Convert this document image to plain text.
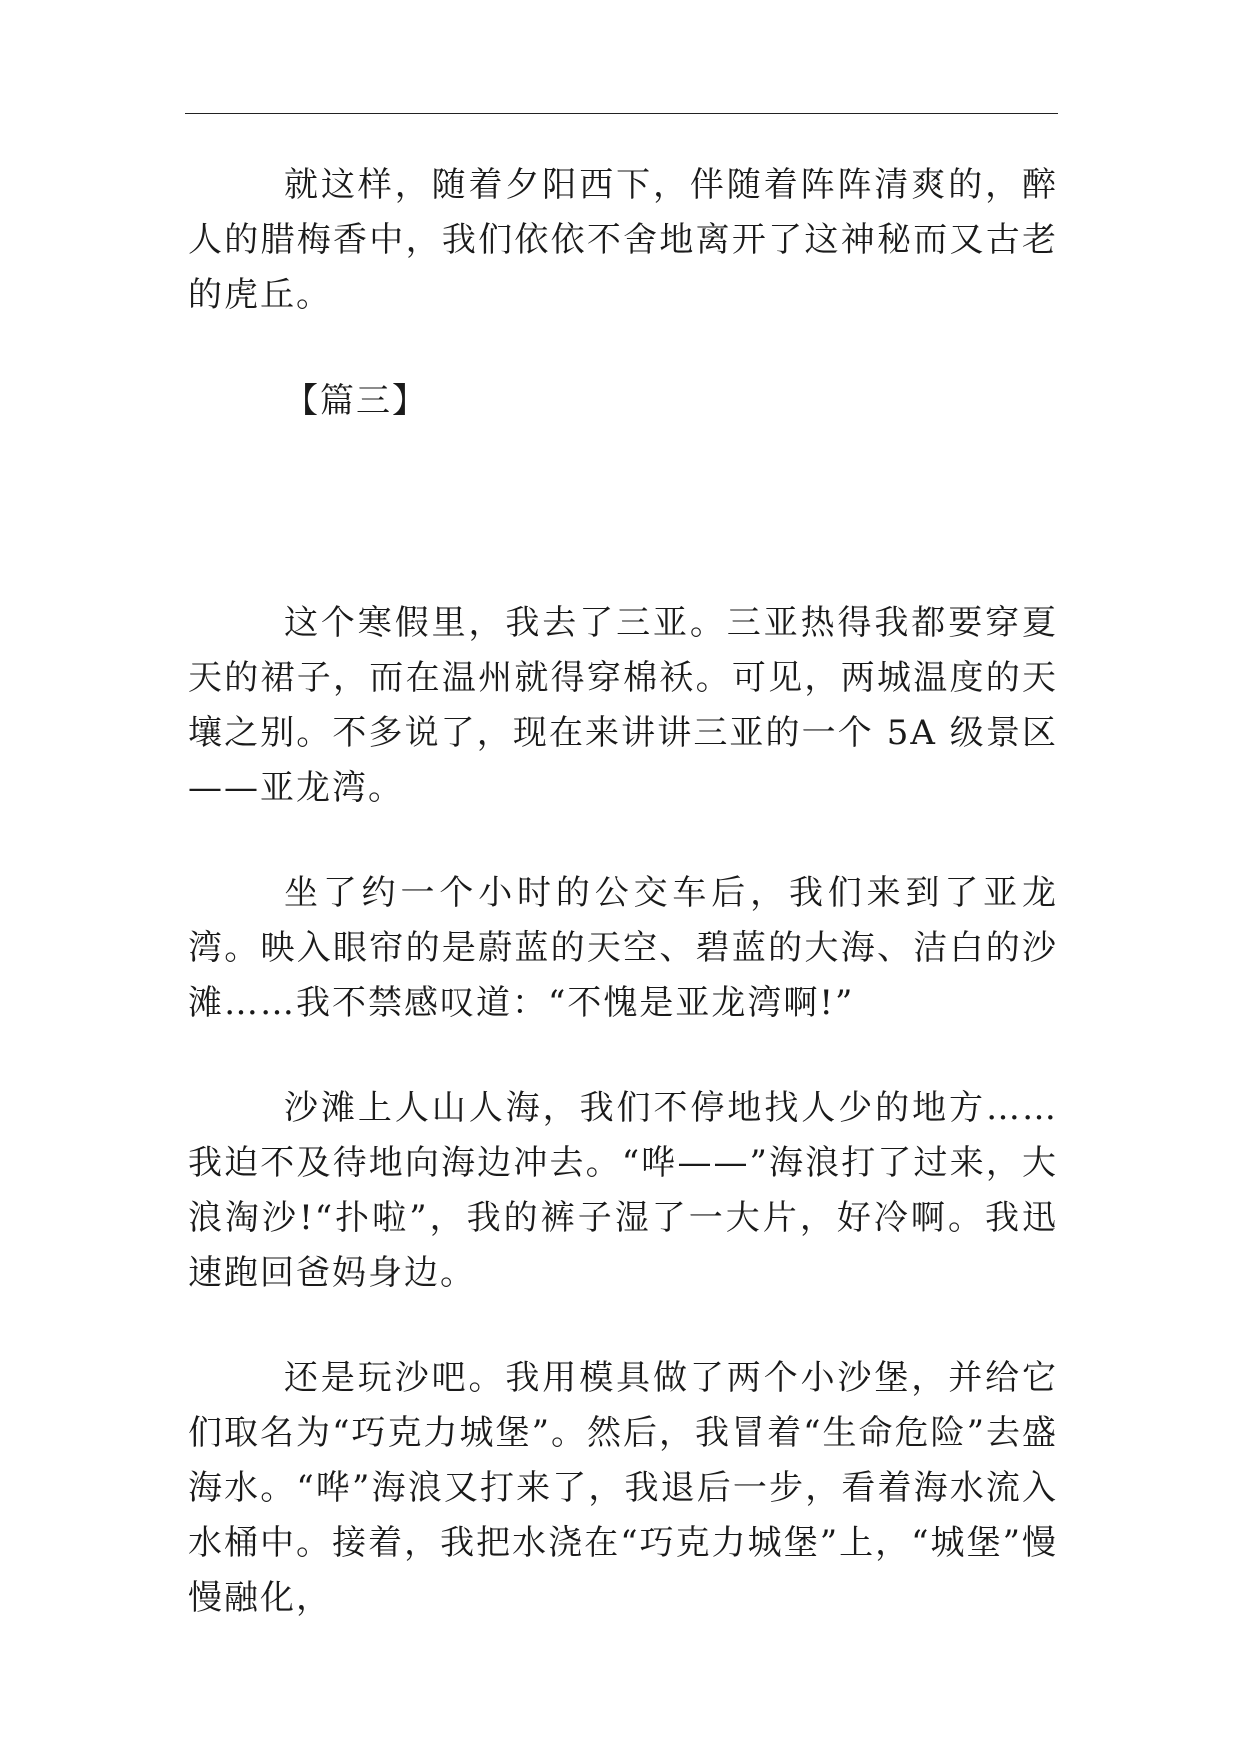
就这样，随着夕阳西下，伴随着阵阵清爽的，醉人的腊梅香中，我们依依不舍地离开了这神秘而又古老的虎丘。

【篇三】

这个寒假里，我去了三亚。三亚热得我都要穿夏天的裙子，而在温州就得穿棉袄。可见，两城温度的天壤之别。不多说了，现在来讲讲三亚的一个 5A 级景区——亚龙湾。

坐了约一个小时的公交车后，我们来到了亚龙湾。映入眼帘的是蔚蓝的天空、碧蓝的大海、洁白的沙滩……我不禁感叹道：“不愧是亚龙湾啊!”

沙滩上人山人海，我们不停地找人少的地方……我迫不及待地向海边冲去。“哗——”海浪打了过来，大浪淘沙!“扑啦”，我的裤子湿了一大片，好冷啊。我迅速跑回爸妈身边。

还是玩沙吧。我用模具做了两个小沙堡，并给它们取名为“巧克力城堡”。然后，我冒着“生命危险”去盛海水。“哗”海浪又打来了，我退后一步，看着海水流入水桶中。接着，我把水浇在“巧克力城堡”上，“城堡”慢慢融化，
